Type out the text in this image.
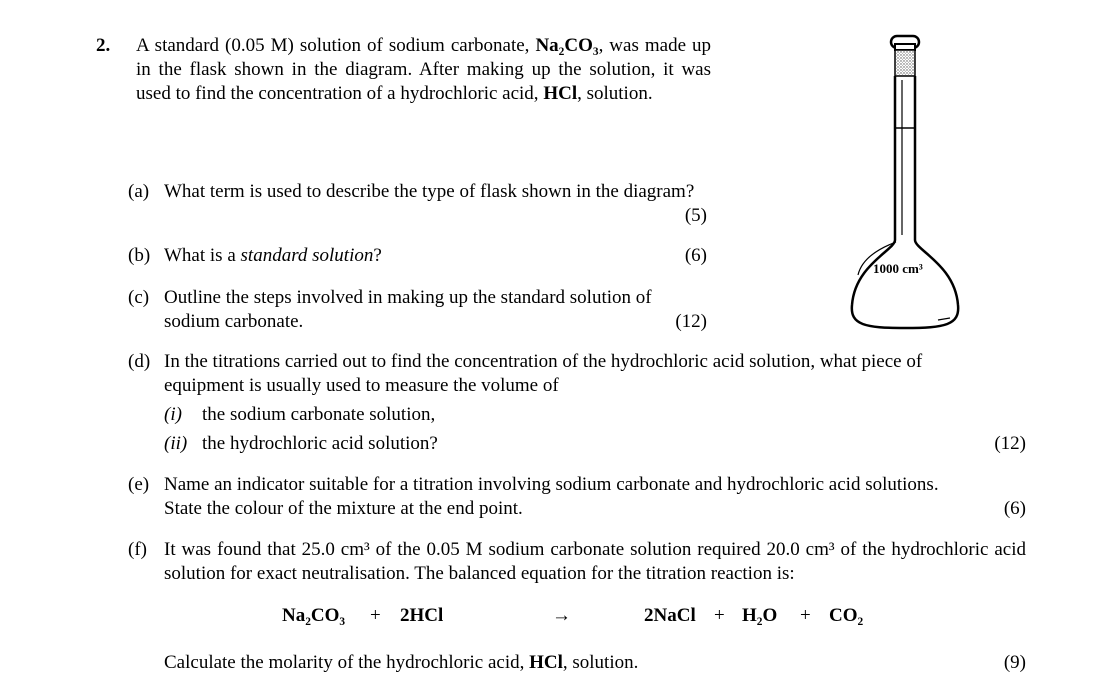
2. A standard (0.05 M) solution of sodium carbonate, Na₂CO₃, was made up in the flask shown in the diagram. After making up the solution, it was used to find the concentration of a hydrochloric acid, HCl, solution.
(a) What term is used to describe the type of flask shown in the diagram?
(5)
(b) What is a standard solution?	(6)
(c) Outline the steps involved in making up the standard solution of sodium carbonate.	(12)
(d) In the titrations carried out to find the concentration of the hydrochloric acid solution, what piece of equipment is usually used to measure the volume of
(i) the sodium carbonate solution,
(ii) the hydrochloric acid solution?	(12)
(e) Name an indicator suitable for a titration involving sodium carbonate and hydrochloric acid solutions.
State the colour of the mixture at the end point.	(6)
(f) It was found that 25.0 cm³ of the 0.05 M sodium carbonate solution required 20.0 cm³ of the hydrochloric acid solution for exact neutralisation. The balanced equation for the titration reaction is:
Na₂CO₃ + 2HCl	→	2NaCl + H₂O + CO₂
Calculate the molarity of the hydrochloric acid, HCl, solution.	(9)
1000 cm³
